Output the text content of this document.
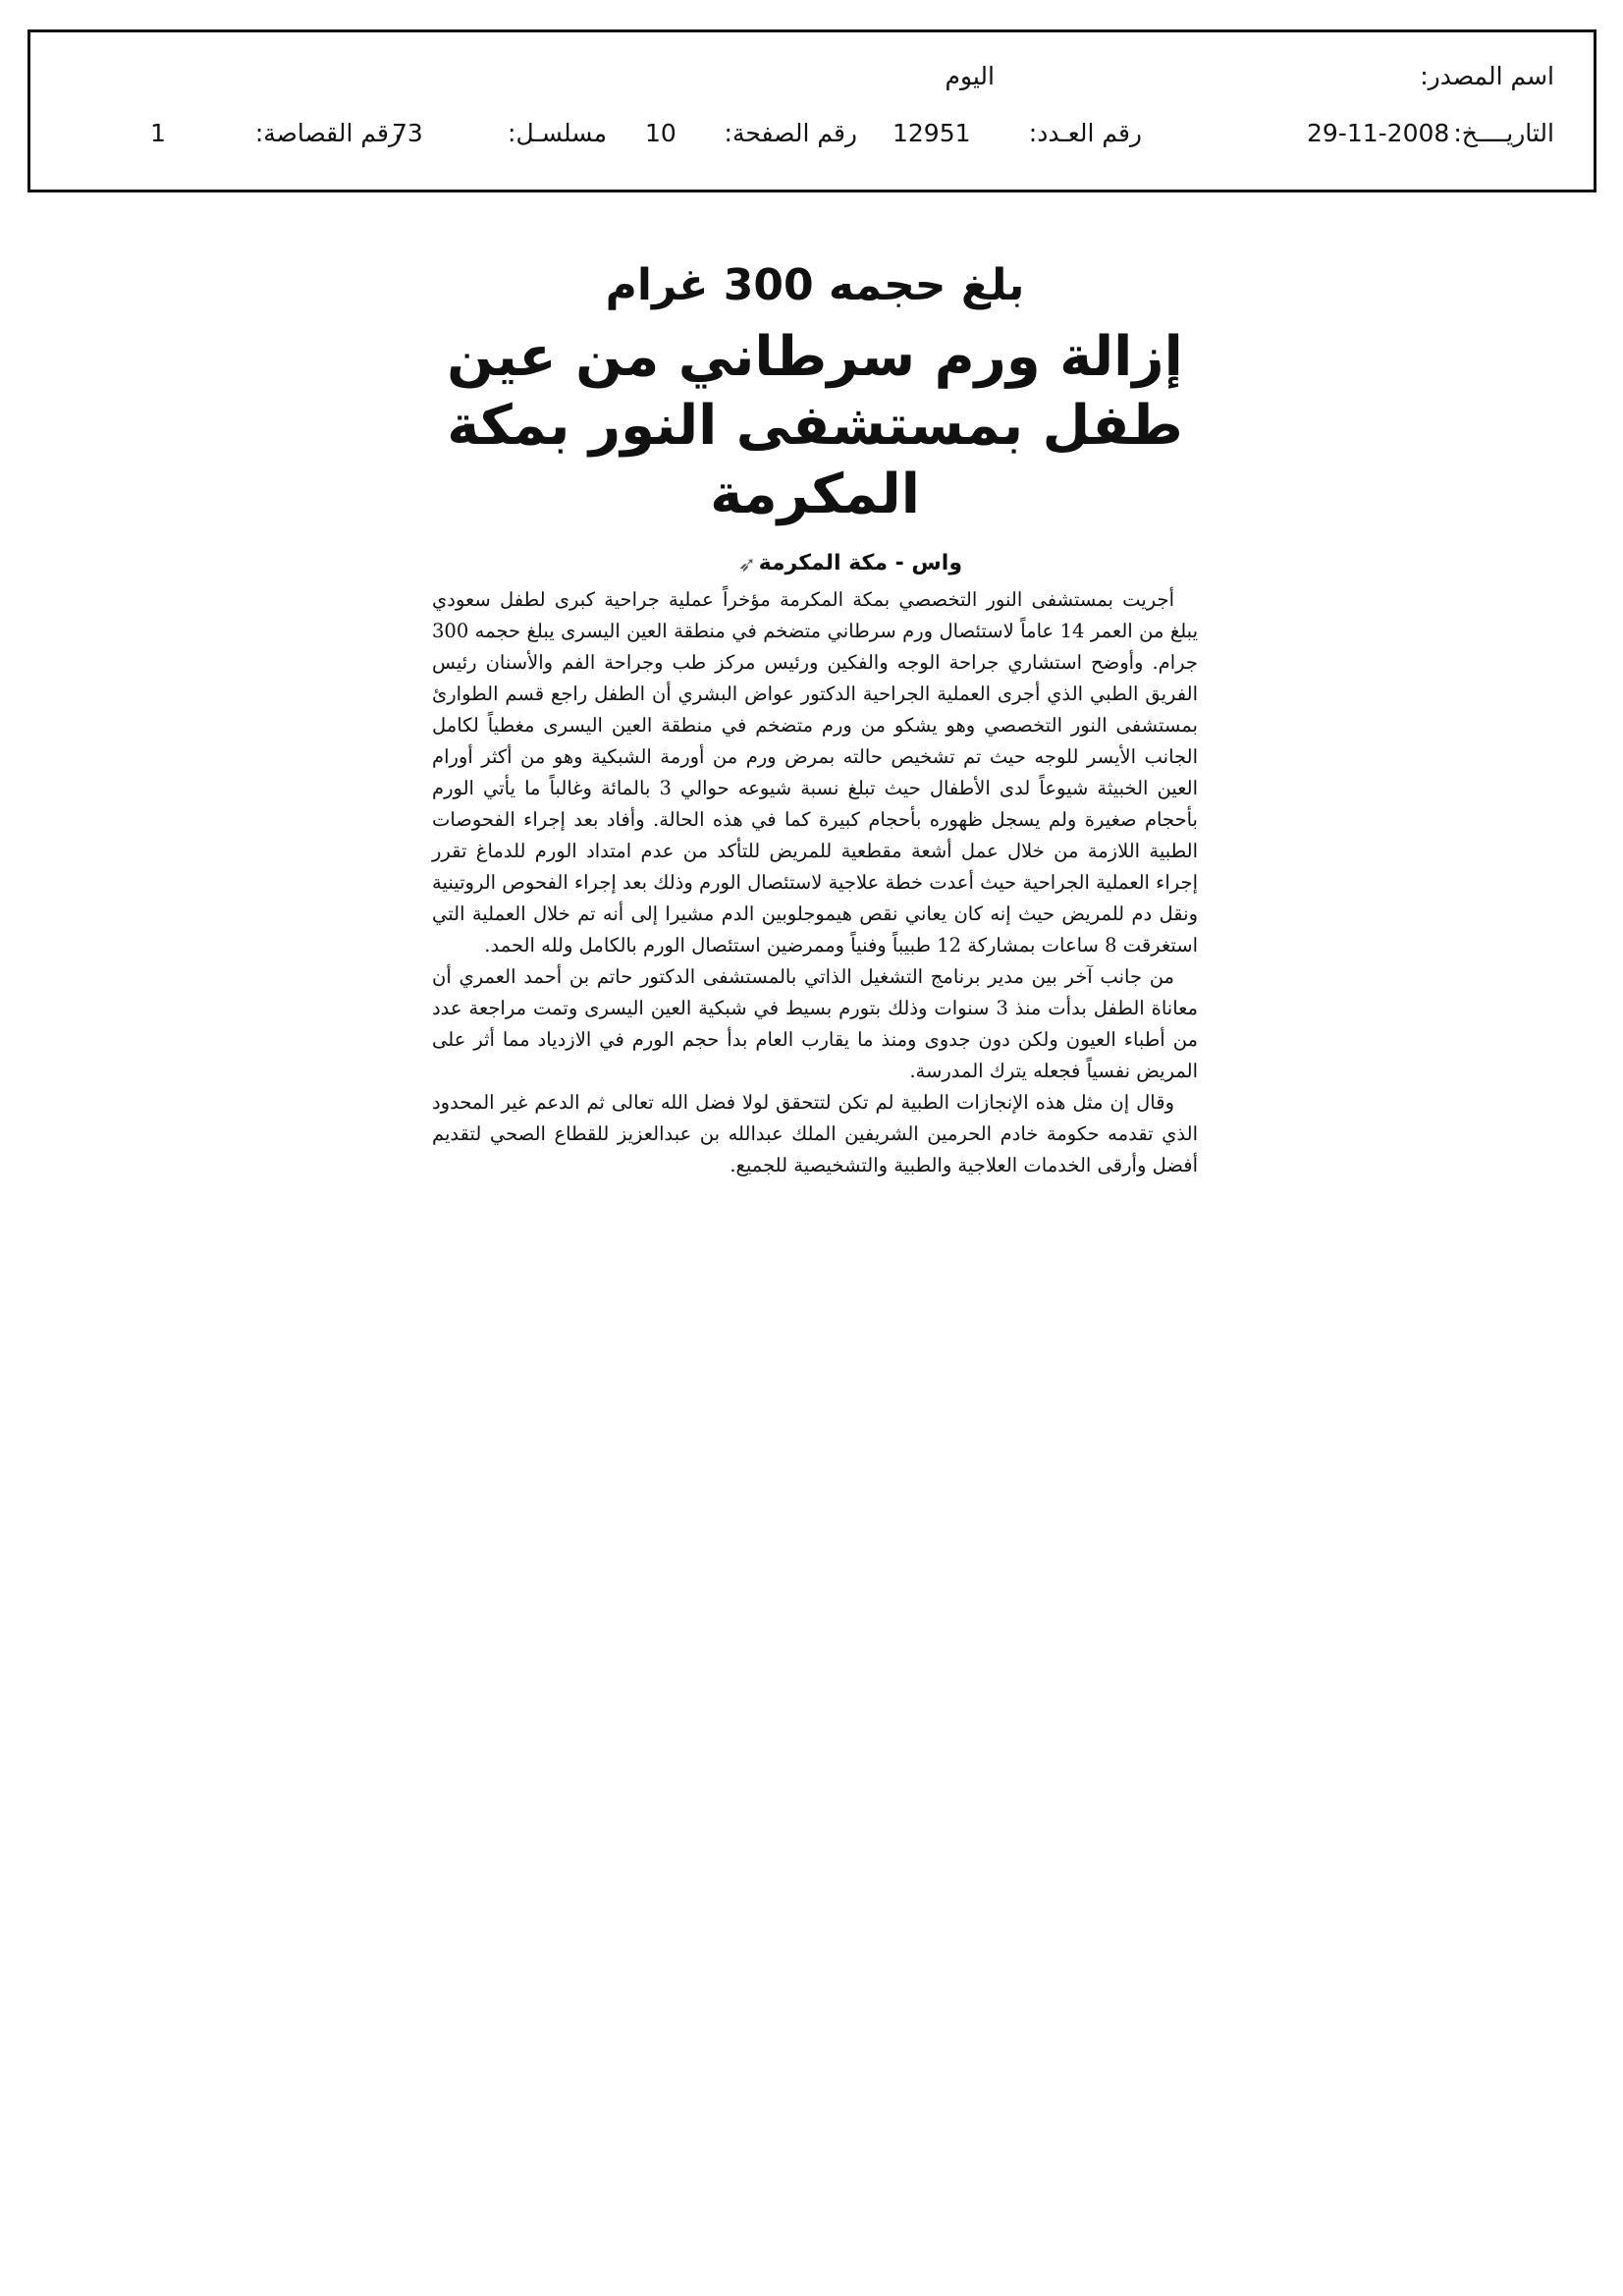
اسم المصدر:
اليوم
التاريــــخ:
29-11-2008
رقم العـدد:
12951
رقم الصفحة:
10
مسلسـل:
73
رقم القصاصة:
1
بلغ حجمه 300 غرام
إزالة ورم سرطاني من عين طفل بمستشفى النور بمكة المكرمة
واس - مكة المكرمة
➶

أجريت بمستشفى النور التخصصي بمكة المكرمة مؤخراً عملية جراحية كبرى لطفل سعودي يبلغ من العمر 14 عاماً لاستئصال ورم سرطاني متضخم في منطقة العين اليسرى يبلغ حجمه 300 جرام. وأوضح استشاري جراحة الوجه والفكين ورئيس مركز طب وجراحة الفم والأسنان رئيس الفريق الطبي الذي أجرى العملية الجراحية الدكتور عواض البشري أن الطفل راجع قسم الطوارئ بمستشفى النور التخصصي وهو يشكو من ورم متضخم في منطقة العين اليسرى مغطياً لكامل الجانب الأيسر للوجه حيث تم تشخيص حالته بمرض ورم من أورمة الشبكية وهو من أكثر أورام العين الخبيثة شيوعاً لدى الأطفال حيث تبلغ نسبة شيوعه حوالي 3 بالمائة وغالباً ما يأتي الورم بأحجام صغيرة ولم يسجل ظهوره بأحجام كبيرة كما في هذه الحالة. وأفاد بعد إجراء الفحوصات الطبية اللازمة من خلال عمل أشعة مقطعية للمريض للتأكد من عدم امتداد الورم للدماغ تقرر إجراء العملية الجراحية حيث أعدت خطة علاجية لاستئصال الورم وذلك بعد إجراء الفحوص الروتينية ونقل دم للمريض حيث إنه كان يعاني نقص هيموجلوبين الدم مشيرا إلى أنه تم خلال العملية التي استغرقت 8 ساعات بمشاركة 12 طبيباً وفنياً وممرضين استئصال الورم بالكامل ولله الحمد.

من جانب آخر بين مدير برنامج التشغيل الذاتي بالمستشفى الدكتور حاتم بن أحمد العمري أن معاناة الطفل بدأت منذ 3 سنوات وذلك بتورم بسيط في شبكية العين اليسرى وتمت مراجعة عدد من أطباء العيون ولكن دون جدوى ومنذ ما يقارب العام بدأ حجم الورم في الازدياد مما أثر على المريض نفسياً فجعله يترك المدرسة.

وقال إن مثل هذه الإنجازات الطبية لم تكن لتتحقق لولا فضل الله تعالى ثم الدعم غير المحدود الذي تقدمه حكومة خادم الحرمين الشريفين الملك عبدالله بن عبدالعزيز للقطاع الصحي لتقديم أفضل وأرقى الخدمات العلاجية والطبية والتشخيصية للجميع.
